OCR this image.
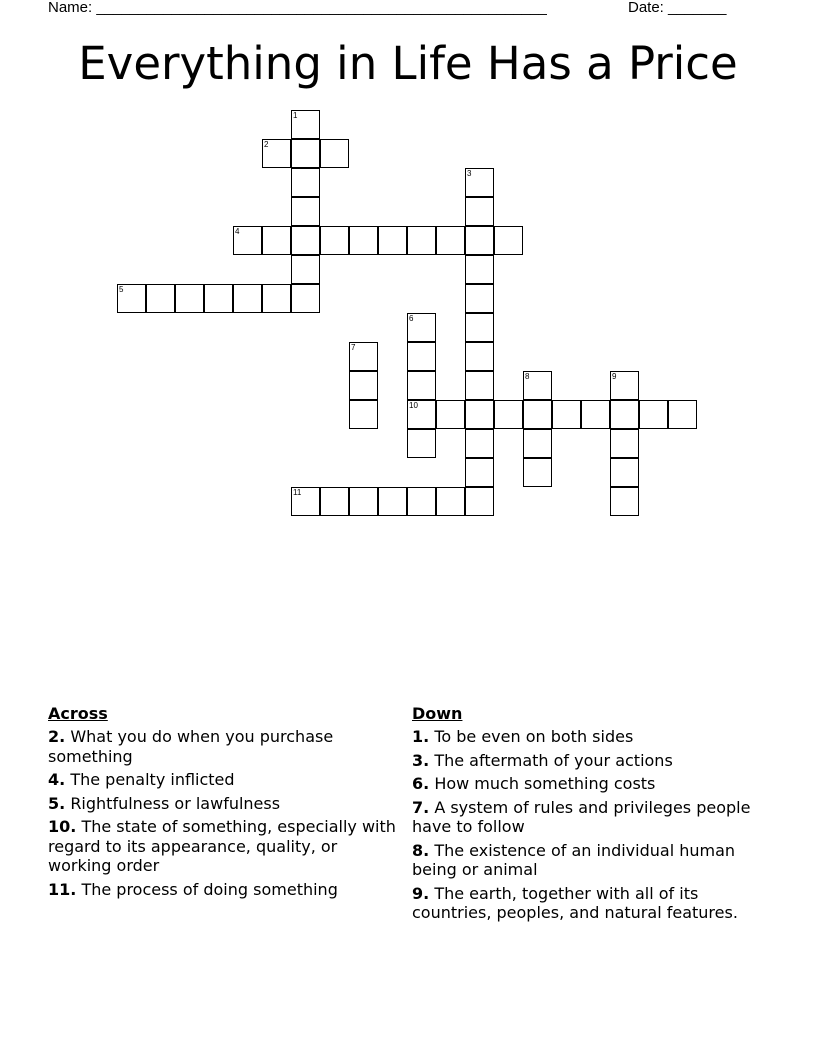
Name: ______________________________________________________	Date: _______
Everything in Life Has a Price
1
2
3
4
5
6
10
7
8	9
11
Across
2. What you do when you purchase something
4. The penalty inflicted
5. Rightfulness or lawfulness
10. The state of something, especially with regard to its appearance, quality, or working order
11. The process of doing something
Down
1. To be even on both sides
3. The aftermath of your actions
6. How much something costs
7. A system of rules and privileges people have to follow
8. The existence of an individual human being or animal
9. The earth, together with all of its countries, peoples, and natural features.
